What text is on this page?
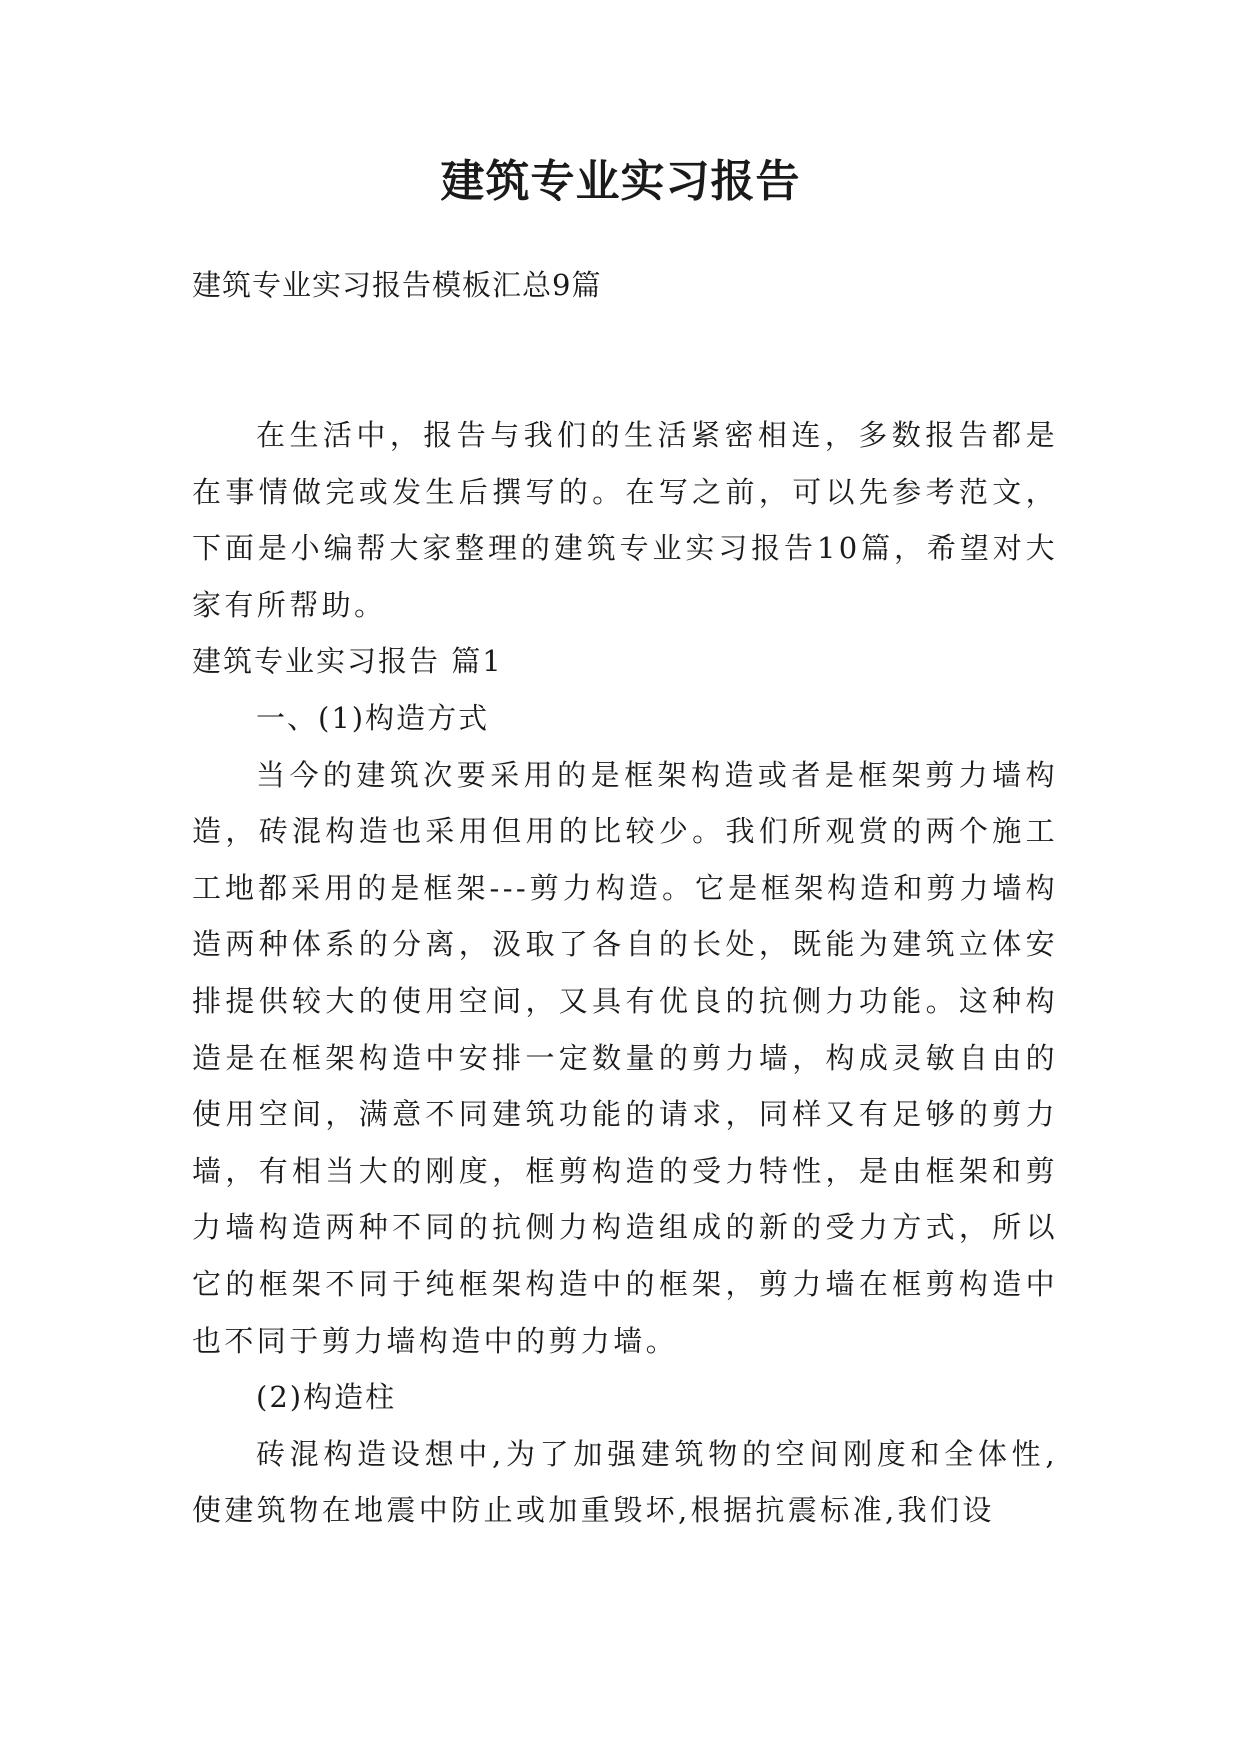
建筑专业实习报告
建筑专业实习报告模板汇总9篇

在生活中，报告与我们的生活紧密相连，多数报告都是在事情做完或发生后撰写的。在写之前，可以先参考范文，下面是小编帮大家整理的建筑专业实习报告10篇，希望对大家有所帮助。

建筑专业实习报告 篇1

一、(1)构造方式

当今的建筑次要采用的是框架构造或者是框架剪力墙构造，砖混构造也采用但用的比较少。我们所观赏的两个施工工地都采用的是框架---剪力构造。它是框架构造和剪力墙构造两种体系的分离，汲取了各自的长处，既能为建筑立体安排提供较大的使用空间，又具有优良的抗侧力功能。这种构造是在框架构造中安排一定数量的剪力墙，构成灵敏自由的使用空间，满意不同建筑功能的请求，同样又有足够的剪力墙，有相当大的刚度，框剪构造的受力特性，是由框架和剪力墙构造两种不同的抗侧力构造组成的新的受力方式，所以它的框架不同于纯框架构造中的框架，剪力墙在框剪构造中也不同于剪力墙构造中的剪力墙。

(2)构造柱

砖混构造设想中,为了加强建筑物的空间刚度和全体性,使建筑物在地震中防止或加重毁坏,根据抗震标准,我们设
